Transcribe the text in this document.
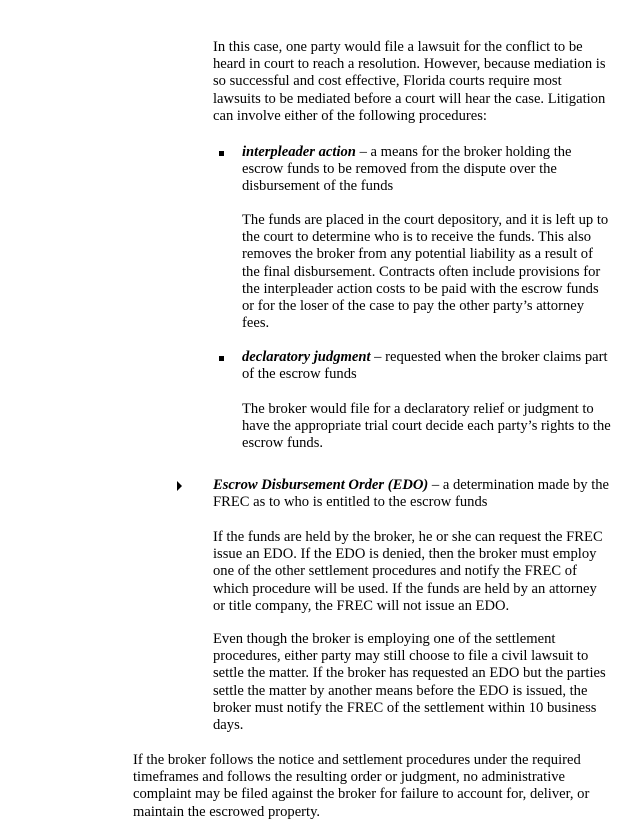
In this case, one party would file a lawsuit for the conflict to be heard in court to reach a resolution. However, because mediation is so successful and cost effective, Florida courts require most lawsuits to be mediated before a court will hear the case. Litigation can involve either of the following procedures:

interpleader action – a means for the broker holding the escrow funds to be removed from the dispute over the disbursement of the funds

The funds are placed in the court depository, and it is left up to the court to determine who is to receive the funds. This also removes the broker from any potential liability as a result of the final disbursement. Contracts often include provisions for the interpleader action costs to be paid with the escrow funds or for the loser of the case to pay the other party’s attorney fees.

declaratory judgment – requested when the broker claims part of the escrow funds

The broker would file for a declaratory relief or judgment to have the appropriate trial court decide each party’s rights to the escrow funds.

Escrow Disbursement Order (EDO) – a determination made by the FREC as to who is entitled to the escrow funds

If the funds are held by the broker, he or she can request the FREC issue an EDO. If the EDO is denied, then the broker must employ one of the other settlement procedures and notify the FREC of which procedure will be used. If the funds are held by an attorney or title company, the FREC will not issue an EDO.

Even though the broker is employing one of the settlement procedures, either party may still choose to file a civil lawsuit to settle the matter. If the broker has requested an EDO but the parties settle the matter by another means before the EDO is issued, the broker must notify the FREC of the settlement within 10 business days.

If the broker follows the notice and settlement procedures under the required timeframes and follows the resulting order or judgment, no administrative complaint may be filed against the broker for failure to account for, deliver, or maintain the escrowed property.
